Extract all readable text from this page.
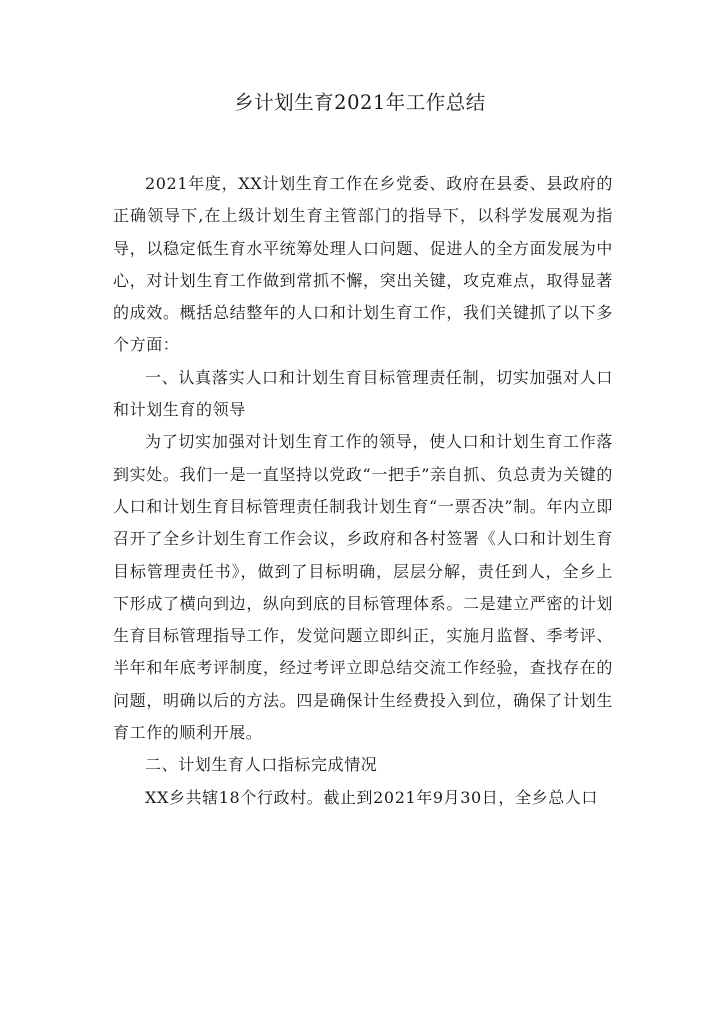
乡计划生育2021年工作总结

2021年度，XX计划生育工作在乡党委、政府在县委、县政府的正确领导下,在上级计划生育主管部门的指导下，以科学发展观为指导，以稳定低生育水平统筹处理人口问题、促进人的全方面发展为中心，对计划生育工作做到常抓不懈，突出关键，攻克难点，取得显著的成效。概括总结整年的人口和计划生育工作，我们关键抓了以下多个方面：

一、认真落实人口和计划生育目标管理责任制，切实加强对人口和计划生育的领导

为了切实加强对计划生育工作的领导，使人口和计划生育工作落到实处。我们一是一直坚持以党政“一把手”亲自抓、负总责为关键的人口和计划生育目标管理责任制我计划生育“一票否决”制。年内立即召开了全乡计划生育工作会议，乡政府和各村签署《人口和计划生育目标管理责任书》，做到了目标明确，层层分解，责任到人，全乡上下形成了横向到边，纵向到底的目标管理体系。二是建立严密的计划生育目标管理指导工作，发觉问题立即纠正，实施月监督、季考评、半年和年底考评制度，经过考评立即总结交流工作经验，查找存在的问题，明确以后的方法。四是确保计生经费投入到位，确保了计划生育工作的顺利开展。

二、计划生育人口指标完成情况

XX乡共辖18个行政村。截止到2021年9月30日，全乡总人口
